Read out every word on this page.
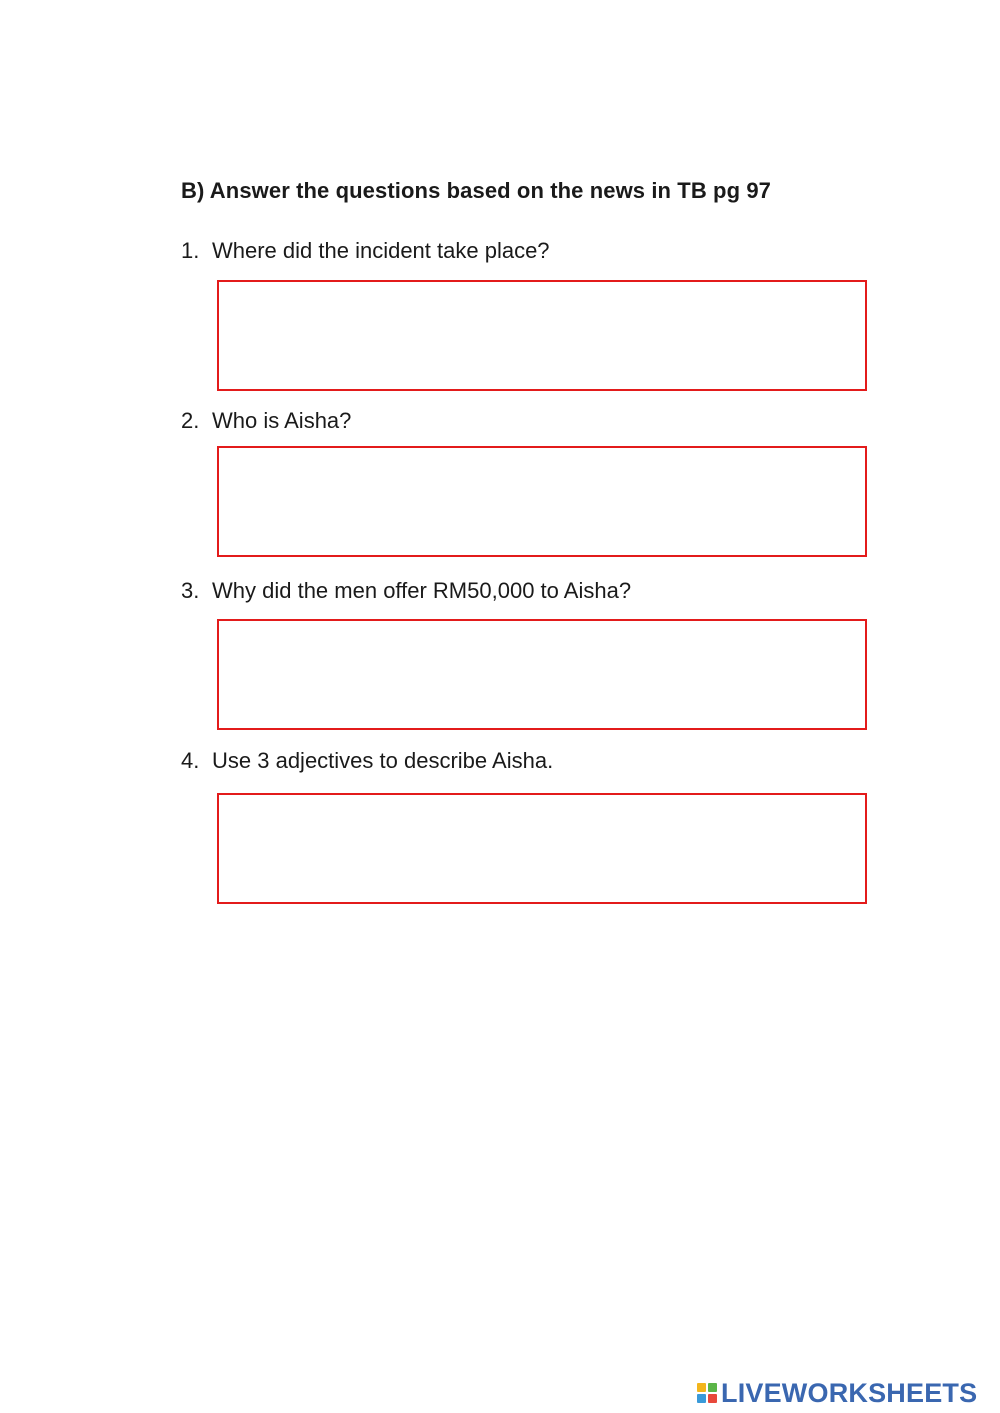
B) Answer the questions based on the news in TB pg 97
1. Where did the incident take place?
2. Who is Aisha?
3. Why did the men offer RM50,000 to Aisha?
4. Use 3 adjectives to describe Aisha.
LIVEWORKSHEETS
